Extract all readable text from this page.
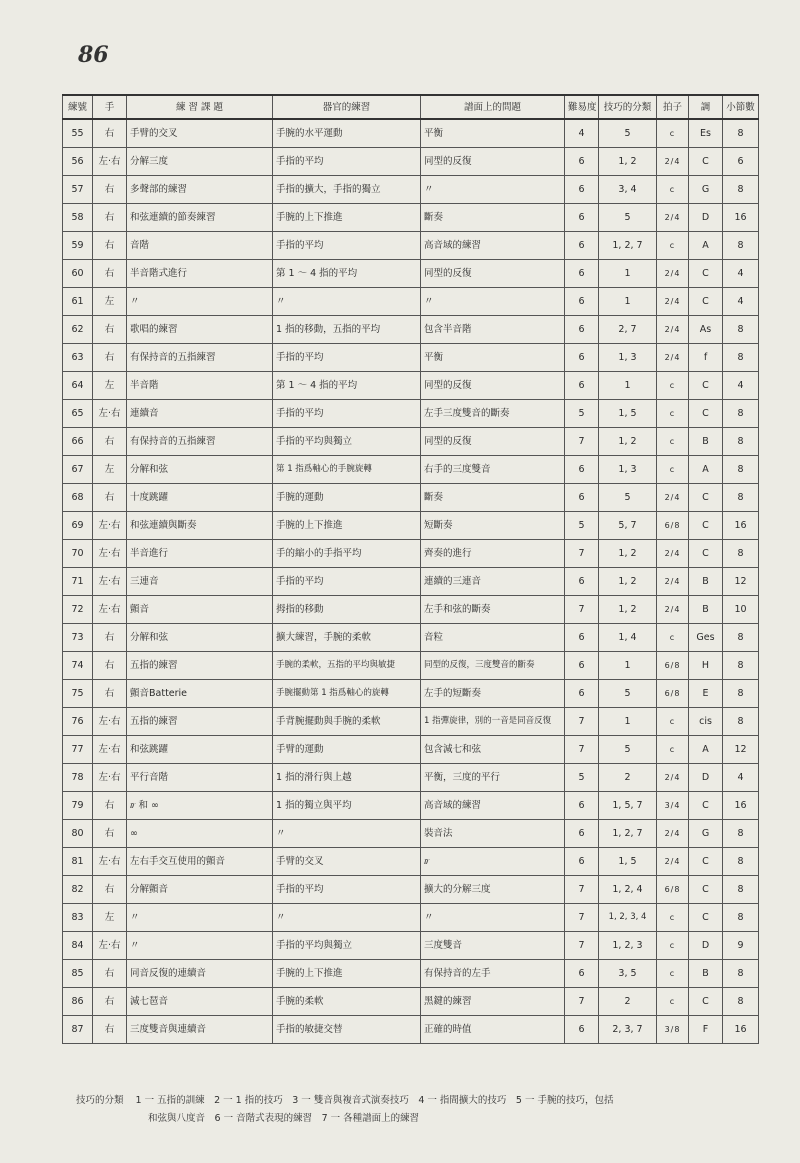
86
練號	手	練 習 課 題	器官的練習	譜面上的問題	難易度	技巧的分類	拍子	調	小節數
55	右	手臂的交叉	手腕的水平運動	平衡	4	5	c	Es	8
56	左·右	分解三度	手指的平均	同型的反復	6	1, 2	2/4	C	6
57	右	多聲部的練習	手指的擴大，手指的獨立	〃	6	3, 4	c	G	8
58	右	和弦連續的節奏練習	手腕的上下推進	斷奏	6	5	2/4	D	16
59	右	音階	手指的平均	高音域的練習	6	1, 2, 7	c	A	8
60	右	半音階式進行	第 1 ～ 4 指的平均	同型的反復	6	1	2/4	C	4
61	左	〃	〃	〃	6	1	2/4	C	4
62	右	歌唱的練習	1 指的移動，五指的平均	包含半音階	6	2, 7	2/4	As	8
63	右	有保持音的五指練習	手指的平均	平衡	6	1, 3	2/4	f	8
64	左	半音階	第 1 ～ 4 指的平均	同型的反復	6	1	c	C	4
65	左·右	連續音	手指的平均	左手三度雙音的斷奏	5	1, 5	c	C	8
66	右	有保持音的五指練習	手指的平均與獨立	同型的反復	7	1, 2	c	B	8
67	左	分解和弦	第 1 指爲軸心的手腕旋轉	右手的三度雙音	6	1, 3	c	A	8
68	右	十度跳躍	手腕的運動	斷奏	6	5	2/4	C	8
69	左·右	和弦連續與斷奏	手腕的上下推進	短斷奏	5	5, 7	6/8	C	16
70	左·右	半音進行	手的縮小的手指平均	齊奏的進行	7	1, 2	2/4	C	8
71	左·右	三連音	手指的平均	連續的三連音	6	1, 2	2/4	B	12
72	左·右	顫音	拇指的移動	左手和弦的斷奏	7	1, 2	2/4	B	10
73	右	分解和弦	擴大練習，手腕的柔軟	音粒	6	1, 4	c	Ges	8
74	右	五指的練習	手腕的柔軟，五指的平均與敏捷	同型的反復，三度雙音的斷奏	6	1	6/8	H	8
75	右	顫音Batterie	手腕擺動第 1 指爲軸心的旋轉	左手的短斷奏	6	5	6/8	E	8
76	左·右	五指的練習	手背腕擺動與手腕的柔軟	1 指彈旋律，別的一音是同音反復	7	1	c	cis	8
77	左·右	和弦跳躍	手臂的運動	包含減七和弦	7	5	c	A	12
78	左·右	平行音階	1 指的滑行與上越	平衡，三度的平行	5	2	2/4	D	4
79	右	𝆖 和 ∞	1 指的獨立與平均	高音域的練習	6	1, 5, 7	3/4	C	16
80	右	∞	〃	裝音法	6	1, 2, 7	2/4	G	8
81	左·右	左右手交互使用的顫音	手臂的交叉	𝆖	6	1, 5	2/4	C	8
82	右	分解顫音	手指的平均	擴大的分解三度	7	1, 2, 4	6/8	C	8
83	左	〃	〃	〃	7	1, 2, 3, 4	c	C	8
84	左·右	〃	手指的平均與獨立	三度雙音	7	1, 2, 3	c	D	9
85	右	同音反復的連續音	手腕的上下推進	有保持音的左手	6	3, 5	c	B	8
86	右	減七琶音	手腕的柔軟	黑鍵的練習	7	2	c	C	8
87	右	三度雙音與連續音	手指的敏捷交替	正確的時值	6	2, 3, 7	3/8	F	16
技巧的分類 1 一 五指的訓練　2 一 1 指的技巧　3 一 雙音與複音式演奏技巧　4 一 指間擴大的技巧　5 一 手腕的技巧，包括
和弦與八度音　6 一 音階式表現的練習　7 一 各種譜面上的練習
